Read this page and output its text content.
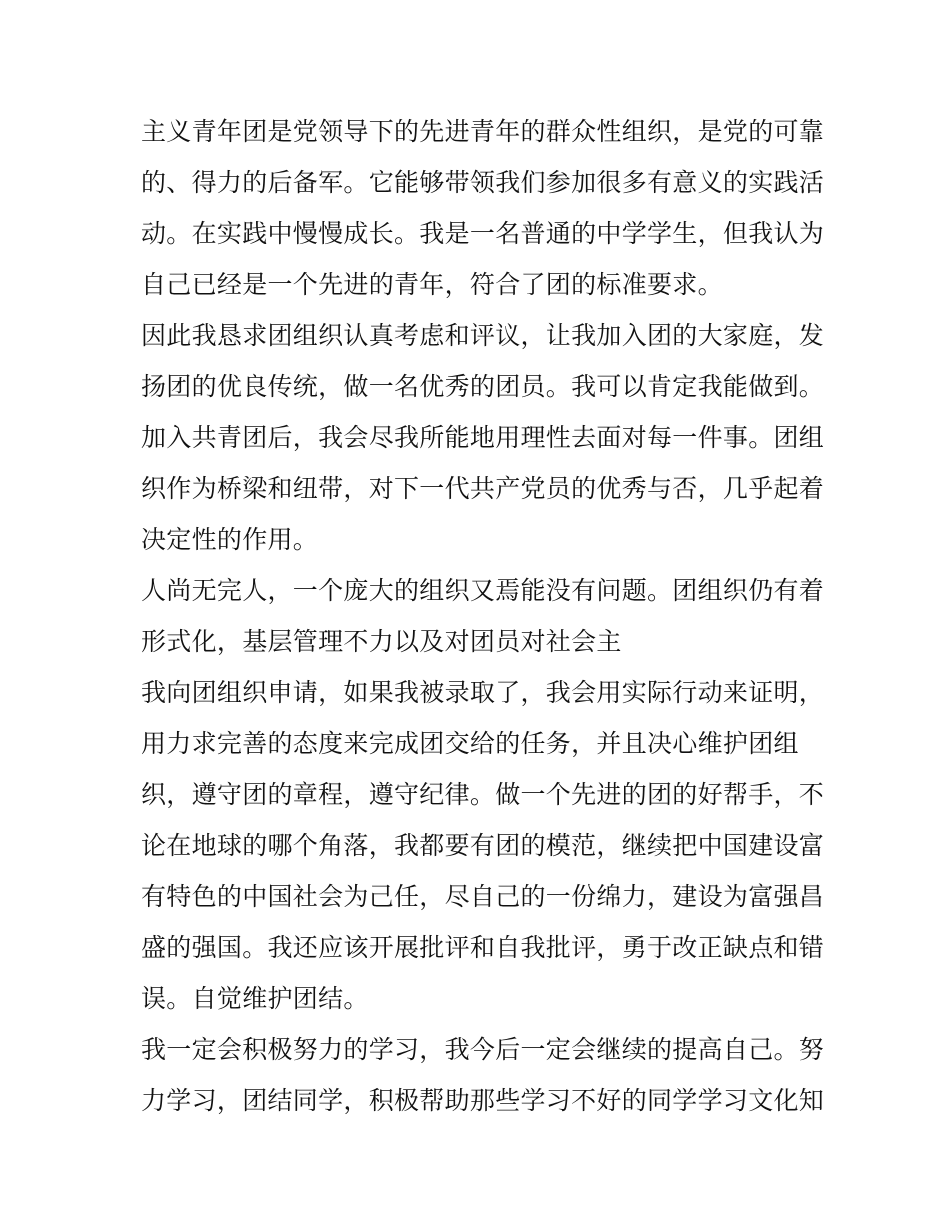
主义青年团是党领导下的先进青年的群众性组织，是党的可靠
的、得力的后备军。它能够带领我们参加很多有意义的实践活
动。在实践中慢慢成长。我是一名普通的中学学生，但我认为
自己已经是一个先进的青年，符合了团的标准要求。
因此我恳求团组织认真考虑和评议，让我加入团的大家庭，发
扬团的优良传统，做一名优秀的团员。我可以肯定我能做到。
加入共青团后，我会尽我所能地用理性去面对每一件事。团组
织作为桥梁和纽带，对下一代共产党员的优秀与否，几乎起着
决定性的作用。
人尚无完人，一个庞大的组织又焉能没有问题。团组织仍有着
形式化，基层管理不力以及对团员对社会主
我向团组织申请，如果我被录取了，我会用实际行动来证明，
用力求完善的态度来完成团交给的任务，并且决心维护团组
织，遵守团的章程，遵守纪律。做一个先进的团的好帮手，不
论在地球的哪个角落，我都要有团的模范，继续把中国建设富
有特色的中国社会为己任，尽自己的一份绵力，建设为富强昌
盛的强国。我还应该开展批评和自我批评，勇于改正缺点和错
误。自觉维护团结。
我一定会积极努力的学习，我今后一定会继续的提高自己。努
力学习，团结同学，积极帮助那些学习不好的同学学习文化知
